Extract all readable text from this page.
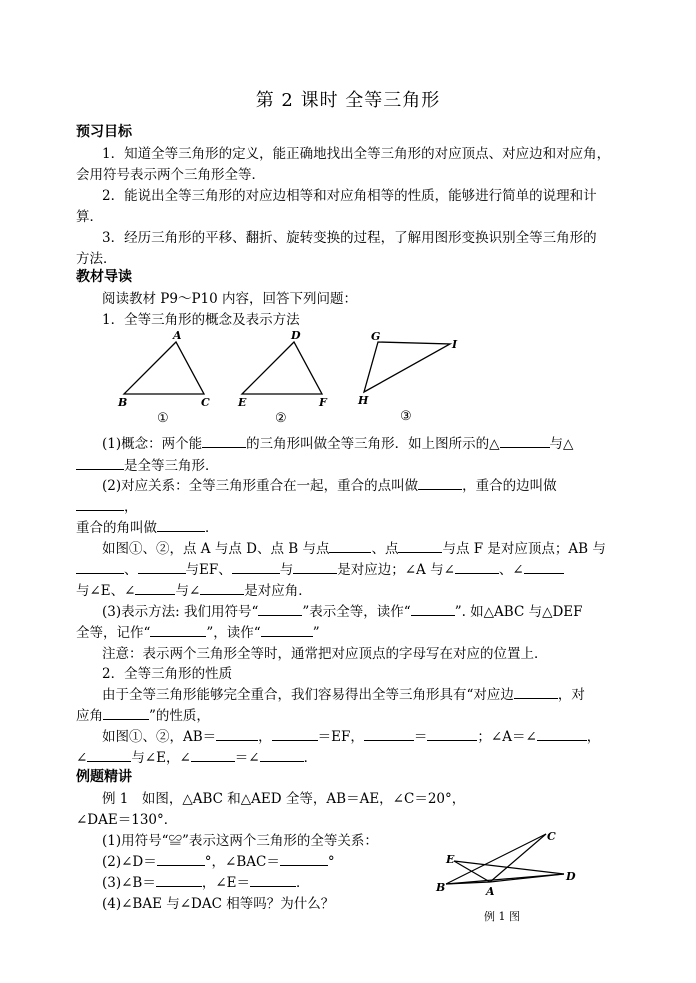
第 2 课时 全等三角形
预习目标
1．知道全等三角形的定义，能正确地找出全等三角形的对应顶点、对应边和对应角，
会用符号表示两个三角形全等．
2．能说出全等三角形的对应边相等和对应角相等的性质，能够进行简单的说理和计
算．
3．经历三角形的平移、翻折、旋转变换的过程，了解用图形变换识别全等三角形的
方法．
教材导读
阅读教材 P9～P10 内容，回答下列问题：
1．全等三角形的概念及表示方法
A
B	C
①
D
E	F
②
G
H
I
③
(1)概念：两个能	的三角形叫做全等三角形．如上图所示的△	与△
是全等三角形．
(2)对应关系：全等三角形重合在一起，重合的点叫做	，重合的边叫做
，
重合的角叫做	．
如图①、②，点 A 与点 D、点 B 与点	、点	与点 F 是对应顶点；AB 与
、	与EF、	与	是对应边；∠A 与∠	、∠
与∠E、∠	与∠	是对应角．
(3)表示方法: 我们用符号“	”表示全等，读作“	”. 如△ABC 与△DEF
全等，记作“	”，读作“	”
注意：表示两个三角形全等时，通常把对应顶点的字母写在对应的位置上．
2．全等三角形的性质
由于全等三角形能够完全重合，我们容易得出全等三角形具有“对应边	，对
应角	”的性质，
如图①、②，AB＝	，	＝EF，	＝	；∠A＝∠	，
∠	与∠E，∠	＝∠	．
例题精讲
例 1　如图，△ABC 和△AED 全等，AB＝AE，∠C＝20°，
∠DAE＝130°．
(1)用符号“≌”表示这两个三角形的全等关系：
(2)∠D＝	°，∠BAC＝	°
(3)∠B＝	，∠E＝	．
(4)∠BAE 与∠DAC 相等吗？为什么？
C
E
D
B	A
例 1 图
